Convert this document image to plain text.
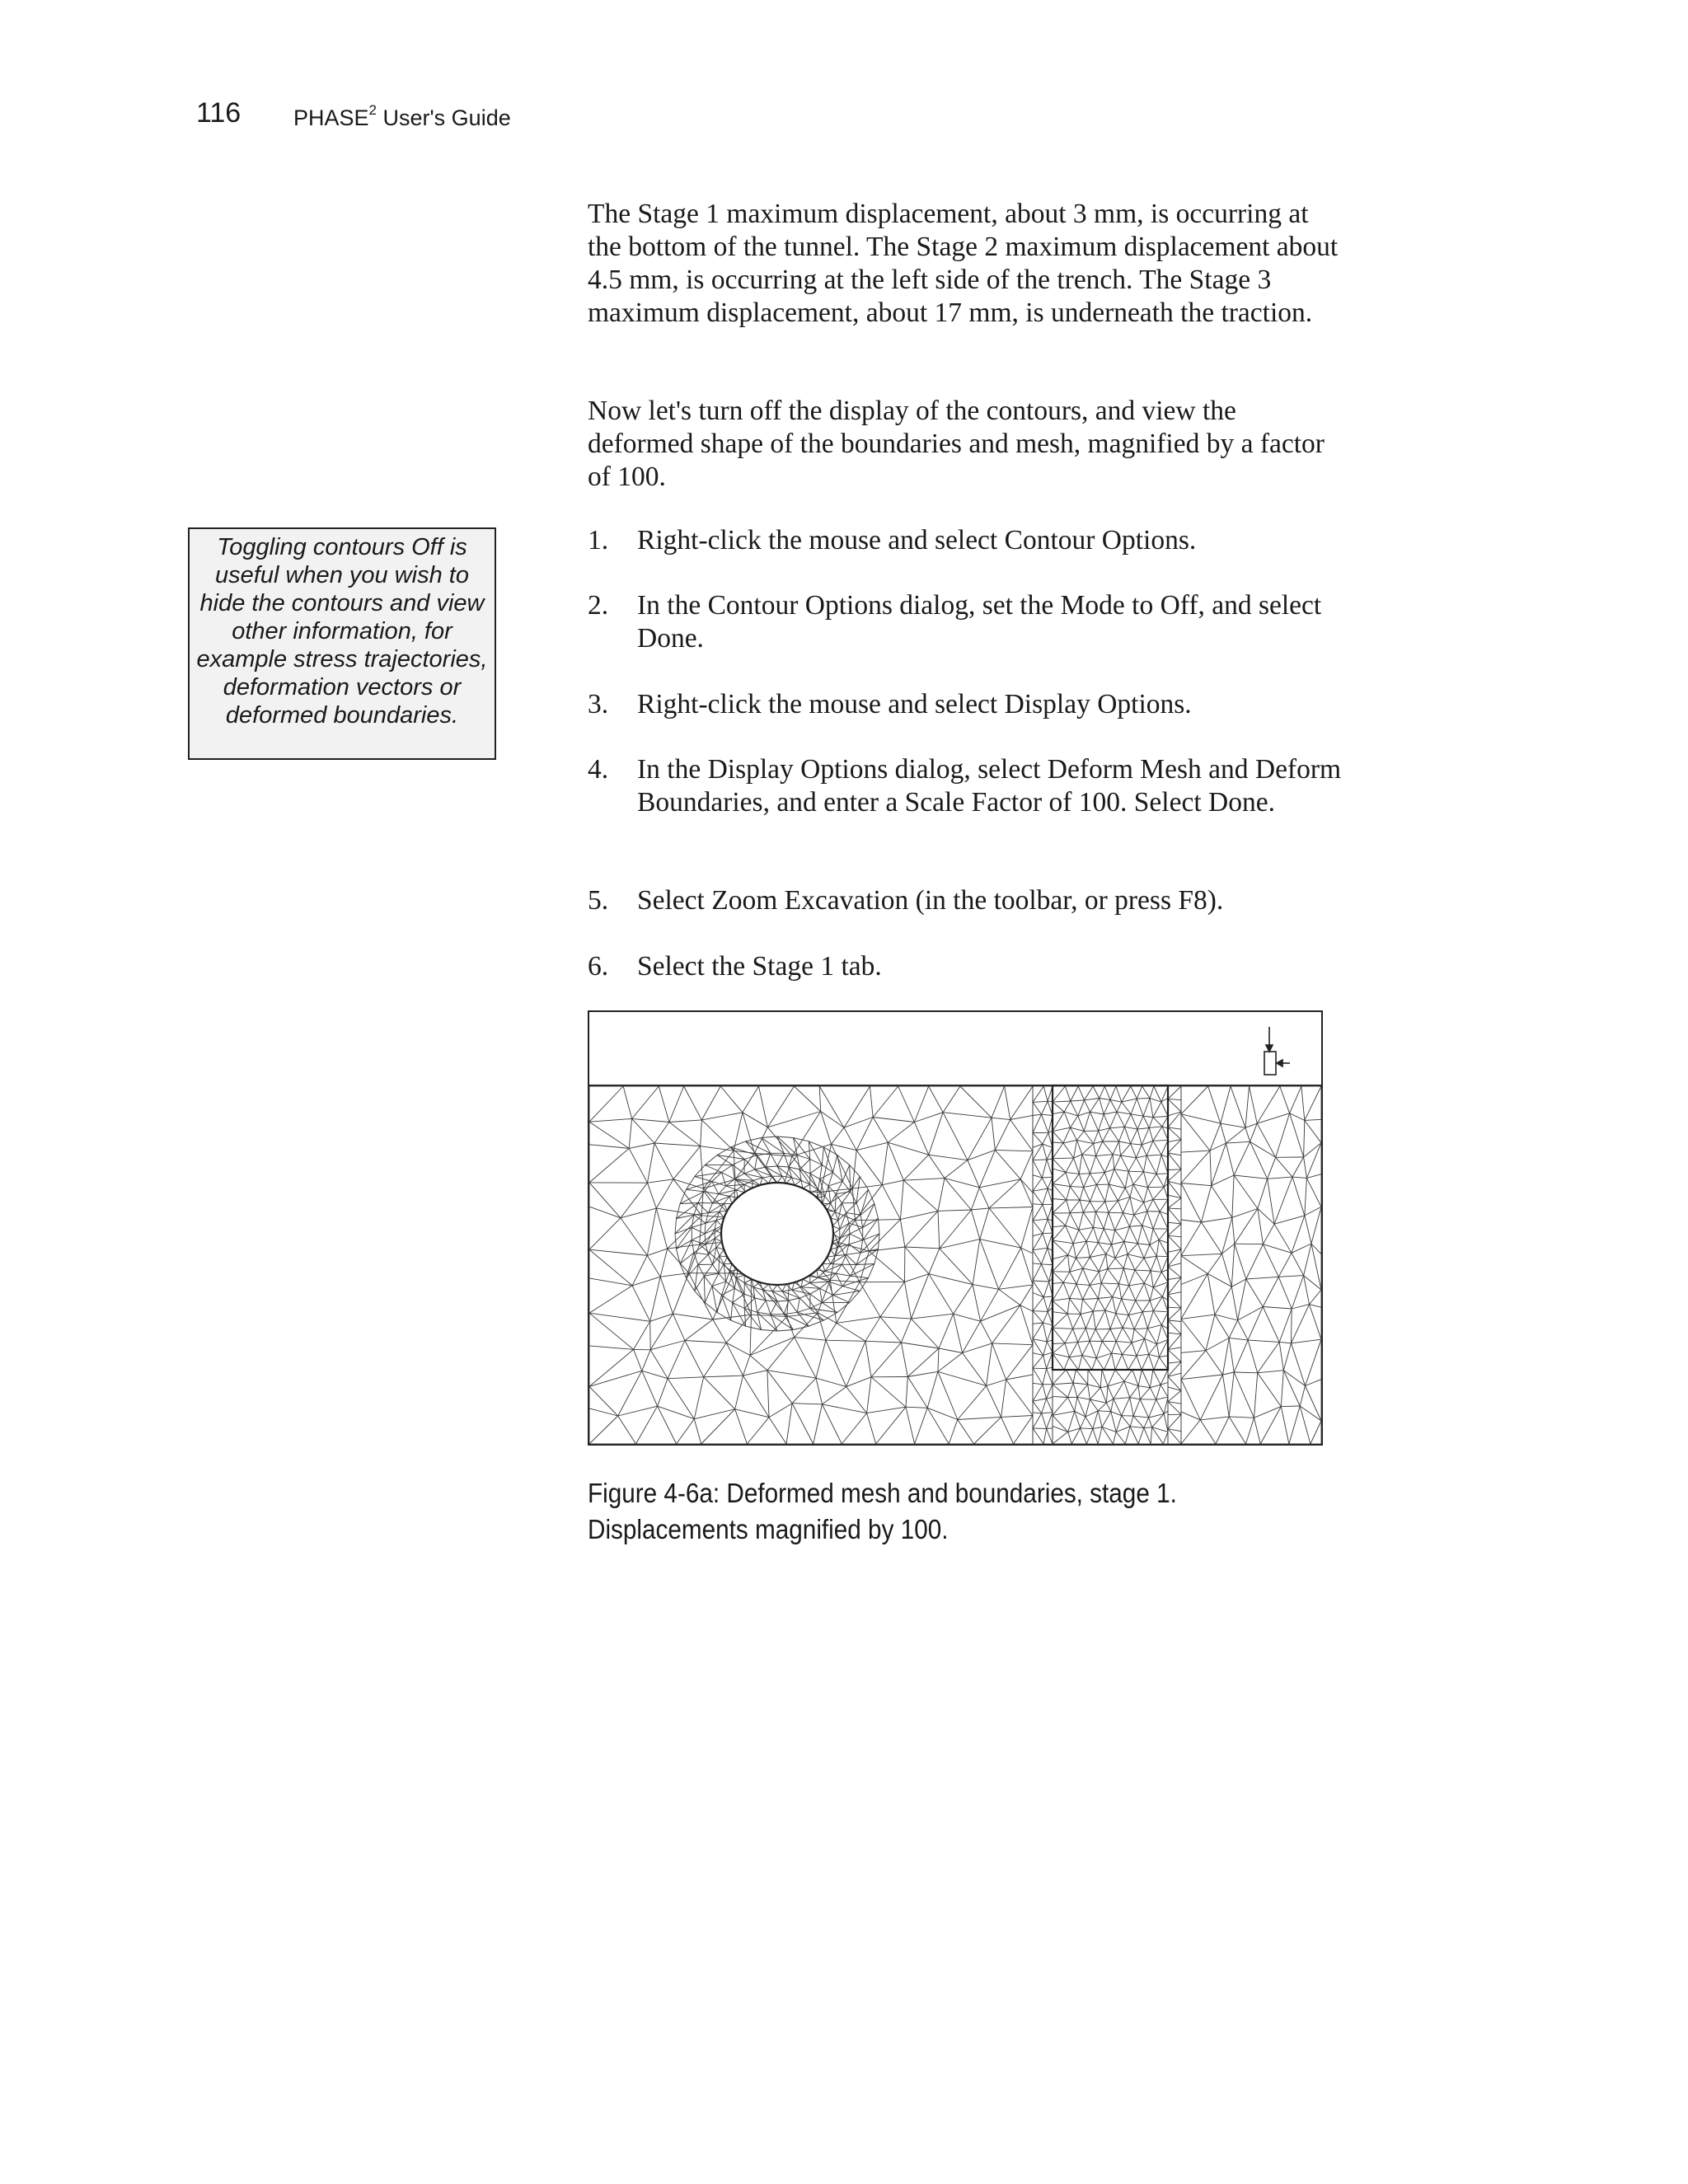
116 PHASE$^2$ User's Guide

The Stage 1 maximum displacement, about 3 mm, is occurring at the bottom of the tunnel. The Stage 2 maximum displacement about 4.5 mm, is occurring at the left side of the trench. The Stage 3 maximum displacement, about 17 mm, is underneath the traction.

Now let's turn off the display of the contours, and view the deformed shape of the boundaries and mesh, magnified by a factor of 100.

Toggling contours Off is useful when you wish to hide the contours and view other information, for example stress trajectories, deformation vectors or deformed boundaries.
1. Right-click the mouse and select Contour Options.
2. In the Contour Options dialog, set the Mode to Off, and select Done.
3. Right-click the mouse and select Display Options.
4. In the Display Options dialog, select Deform Mesh and Deform Boundaries, and enter a Scale Factor of 100. Select Done.
5. Select Zoom Excavation (in the toolbar, or press F8).
6. Select the Stage 1 tab.
Figure 4-6a: Deformed mesh and boundaries, stage 1.
Displacements magnified by 100.
